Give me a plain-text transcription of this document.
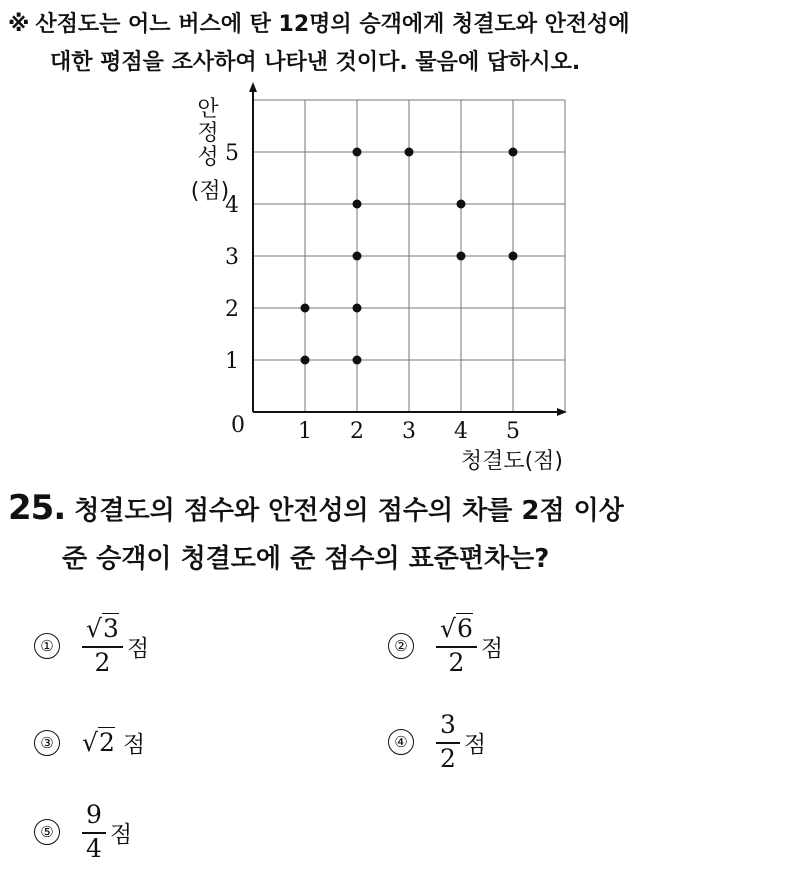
※ 산점도는 어느 버스에 탄 12명의 승객에게 청결도와 안전성에
대한 평점을 조사하여 나타낸 것이다. 물음에 답하시오.
0 1 2 3 4 5
1
2
3
4
5
안
정
성
(점)
청결도(점)
25. 청결도의 점수와 안전성의 점수의 차를 2점 이상
준 승객이 청결도에 준 점수의 표준편차는?
① $\frac{√3}{2}$ 점	② $\frac{√6}{2}$ 점
③ √2 점	④ $\frac{3}{2}$ 점
⑤ $\frac{9}{4}$ 점
